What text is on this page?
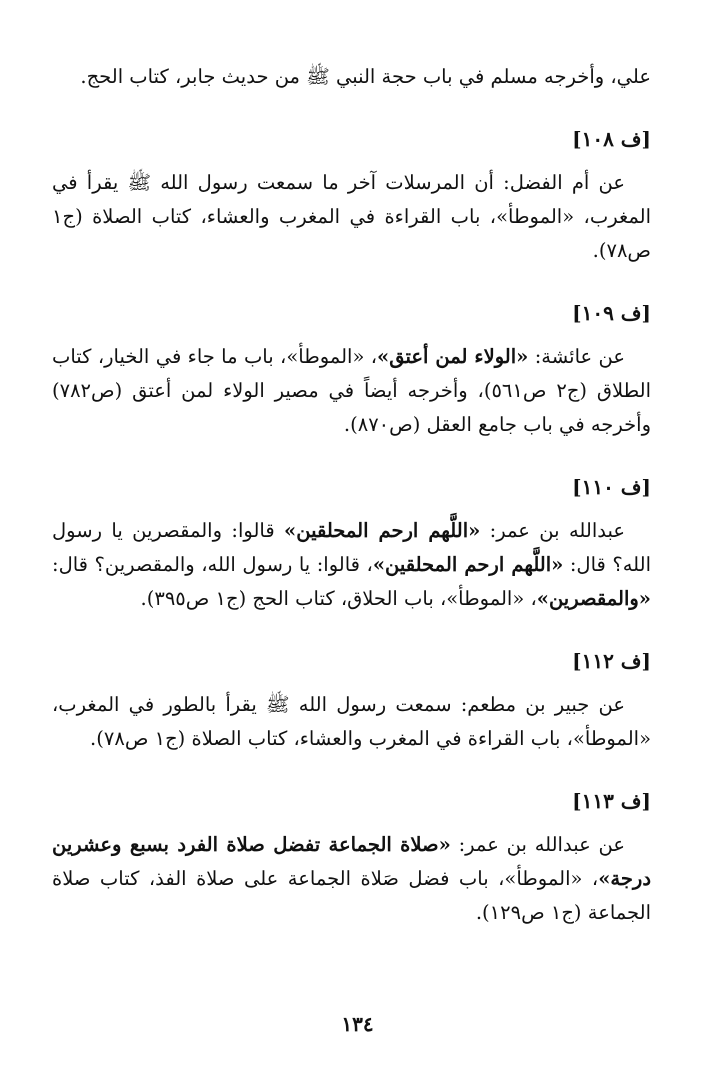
علي، وأخرجه مسلم في باب حجة النبي ﷺ من حديث جابر، كتاب الحج.

[ف ١٠٨]

عن أم الفضل: أن المرسلات آخر ما سمعت رسول الله ﷺ يقرأ في المغرب، «الموطأ»، باب القراءة في المغرب والعشاء، كتاب الصلاة (ج١ ص٧٨).

[ف ١٠٩]

عن عائشة: «الولاء لمن أعتق»، «الموطأ»، باب ما جاء في الخيار، كتاب الطلاق (ج٢ ص٥٦١)، وأخرجه أيضاً في مصير الولاء لمن أعتق (ص٧٨٢) وأخرجه في باب جامع العقل (ص٨٧٠).

[ف ١١٠]

عبدالله بن عمر: «اللَّهم ارحم المحلقين» قالوا: والمقصرين يا رسول الله؟ قال: «اللَّهم ارحم المحلقين»، قالوا: يا رسول الله، والمقصرين؟ قال: «والمقصرين»، «الموطأ»، باب الحلاق، كتاب الحج (ج١ ص٣٩٥).

[ف ١١٢]

عن جبير بن مطعم: سمعت رسول الله ﷺ يقرأ بالطور في المغرب، «الموطأ»، باب القراءة في المغرب والعشاء، كتاب الصلاة (ج١ ص٧٨).

[ف ١١٣]

عن عبدالله بن عمر: «صلاة الجماعة تفضل صلاة الفرد بسبع وعشرين درجة»، «الموطأ»، باب فضل صَلاة الجماعة على صلاة الفذ، كتاب صلاة الجماعة (ج١ ص١٢٩).

١٣٤
